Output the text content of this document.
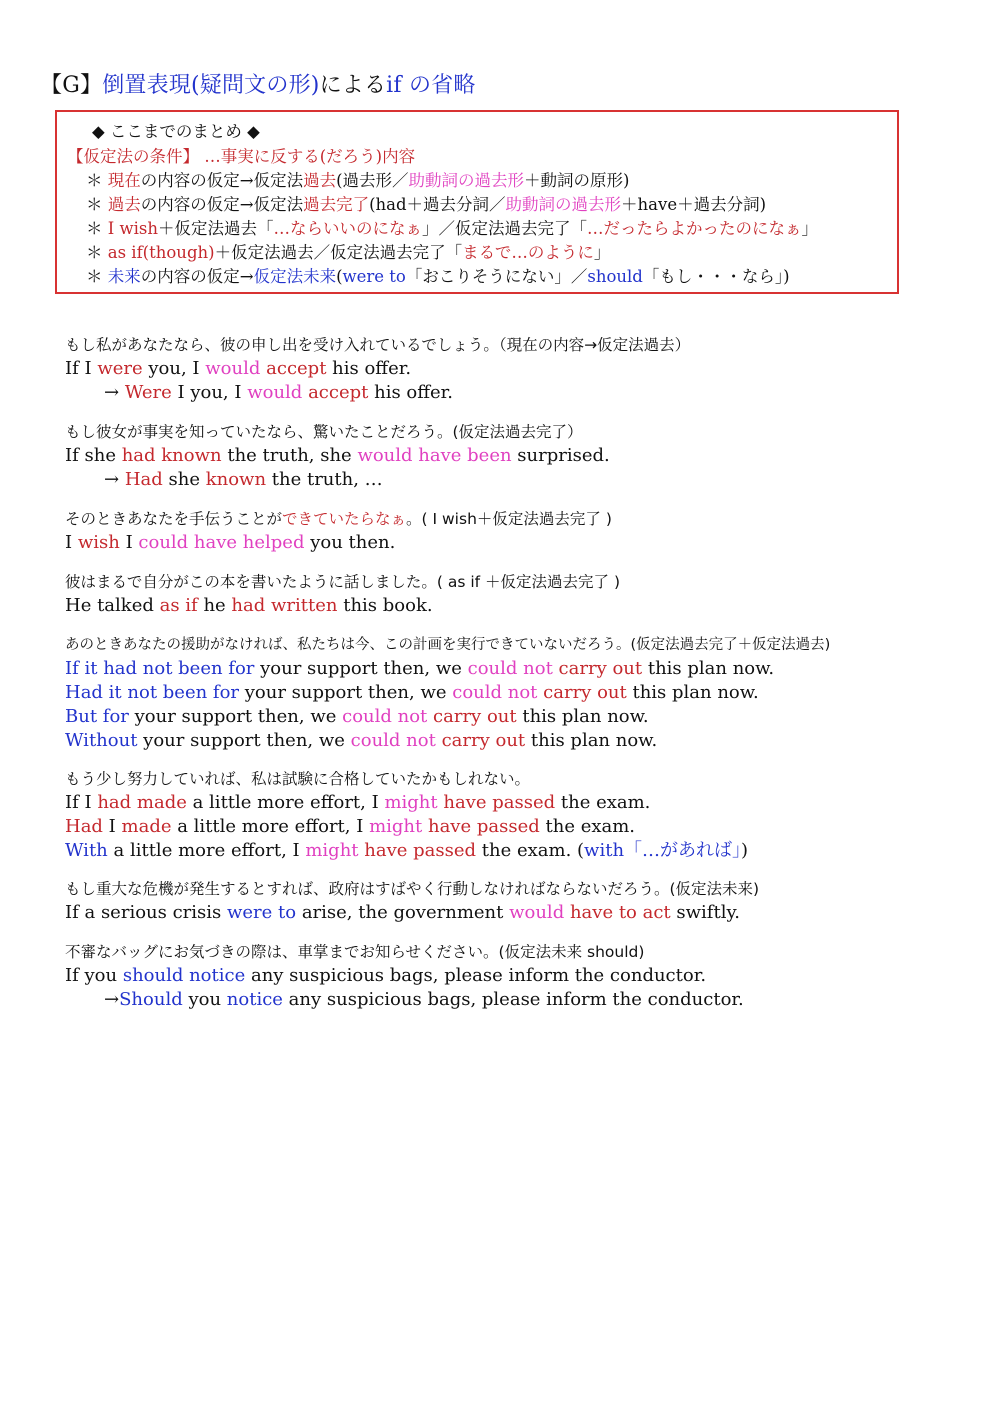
【G】倒置表現(疑問文の形)によるif の省略
◆ ここまでのまとめ ◆
【仮定法の条件】 …事実に反する(だろう)内容
＊ 現在の内容の仮定→仮定法過去(過去形／助動詞の過去形＋動詞の原形)
＊ 過去の内容の仮定→仮定法過去完了(had＋過去分詞／助動詞の過去形＋have＋過去分詞)
＊ I wish＋仮定法過去「…ならいいのになぁ」／仮定法過去完了「…だったらよかったのになぁ」
＊ as if(though)＋仮定法過去／仮定法過去完了「まるで…のように」
＊ 未来の内容の仮定→仮定法未来(were to「おこりそうにない」／should「もし・・・なら」)
もし私があなたなら、彼の申し出を受け入れているでしょう。（現在の内容→仮定法過去）
If I were you, I would accept his offer.
→ Were I you, I would accept his offer.
もし彼女が事実を知っていたなら、驚いたことだろう。(仮定法過去完了）
If she had known the truth, she would have been surprised.
→ Had she known the truth, …
そのときあなたを手伝うことができていたらなぁ。( I wish＋仮定法過去完了 )
I wish I could have helped you then.
彼はまるで自分がこの本を書いたように話しました。( as if ＋仮定法過去完了 )
He talked as if he had written this book.
あのときあなたの援助がなければ、私たちは今、この計画を実行できていないだろう。(仮定法過去完了＋仮定法過去)
If it had not been for your support then, we could not carry out this plan now.
Had it not been for your support then, we could not carry out this plan now.
But for your support then, we could not carry out this plan now.
Without your support then, we could not carry out this plan now.
もう少し努力していれば、私は試験に合格していたかもしれない。
If I had made a little more effort, I might have passed the exam.
Had I made a little more effort, I might have passed the exam.
With a little more effort, I might have passed the exam. (with「…があれば」)
もし重大な危機が発生するとすれば、政府はすばやく行動しなければならないだろう。(仮定法未来)
If a serious crisis were to arise, the government would have to act swiftly.
不審なバッグにお気づきの際は、車掌までお知らせください。(仮定法未来 should)
If you should notice any suspicious bags, please inform the conductor.
→Should you notice any suspicious bags, please inform the conductor.
